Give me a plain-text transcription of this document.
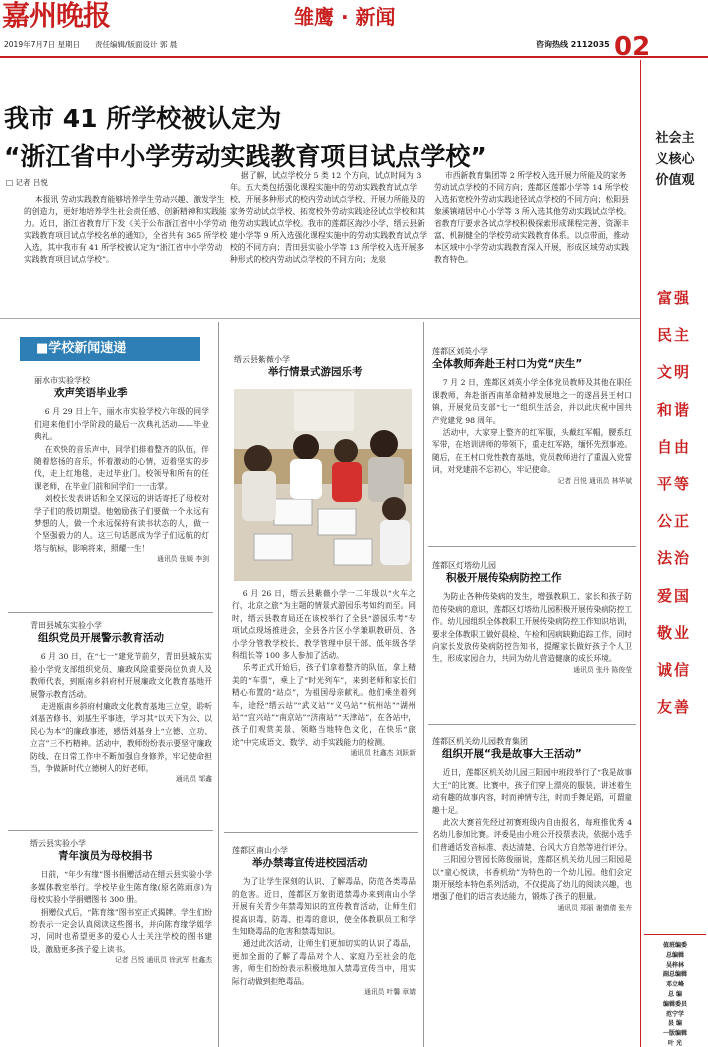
嘉州晚报	雏鹰 · 新闻
2019年7月7日 星期日　　 责任编辑/版面设计 郭 晨	咨询热线 2112035 02
社会主义核心价值观
富强
民主
文明
和谐
自由
平等
公正
法治
爱国
敬业
诚信
友善
值班编委
总编辑
吴梓林
副总编辑
邓立峰
总 编
编辑委员
范宁学
县 编
一版编辑
叶 光
我市 41 所学校被认定为
“浙江省中小学劳动实践教育项目试点学校”
□ 记者 吕悦
本报讯 劳动实践教育能够培养学生劳动兴趣、激发学生的创造力，更好地培养学生社会责任感、创新精神和实践能力。近日，浙江省教育厅下发《关于公布浙江省中小学劳动实践教育项目试点学校名单的通知》，全省共有 365 所学校入选，其中我市有 41 所学校被认定为“浙江省中小学劳动实践教育项目试点学校”。
据了解，试点学校分 5 类 12 个方向，试点时间为 3 年。五大类包括强化课程实施中的劳动实践教育试点学校、开展多种形式的校内劳动试点学校、开展力所能及的家务劳动试点学校、拓宽校外劳动实践途径试点学校和其他劳动实践试点学校。我市的莲都区海沙小学、缙云县新建小学等 9 所入选强化课程实施中的劳动实践教育试点学校的不同方向；青田县实验小学等 13 所学校入选开展多种形式的校内劳动试点学校的不同方向；龙泉
市西新教育集团等 2 所学校入选开展力所能及的家务劳动试点学校的不同方向；莲都区莲都小学等 14 所学校入选拓宽校外劳动实践途径试点学校的不同方向；松阳县象溪镇靖居中心小学等 3 所入选其他劳动实践试点学校。省教育厅要求各试点学校积极探索形成课程完善、资源丰富、机制健全的学校劳动实践教育体系。以点带面，推动本区域中小学劳动实践教育深入开展，形成区域劳动实践教育特色。
■学校新闻速递
丽水市实验学校
欢声笑语毕业季
6 月 29 日上午，丽水市实验学校六年级的同学们迎来他们小学阶段的最后一次典礼活动——毕业典礼。
在欢快的音乐声中，同学们排着整齐的队伍，伴随着悠扬的音乐，怀着激动的心情，迈着坚实的步伐，走上红地毯，走过毕业门。校领导和所有的任课老师，在毕业门前和同学们一一击掌。
刘校长发表讲话和全叉深远的讲话寄托了母校对学子们的殷切期望。他勉励孩子们要做一个永远有梦想的人，做一个永远保持有读书状态的人，做一个坚强毅力的人。这三句话愿成为学子们远航的灯塔与航标，影响将来，照耀一生！
通讯员 张媛 李剑
青田县城东实验小学
组织党员开展警示教育活动
6 月 30 日，在“七一”建党节前夕，青田县城东实验小学党支部组织党员、廉政风险重要岗位负责人及教师代表，到瓯南乡斜府村开展廉政文化教育基地开展警示教育活动。
走进瓯南乡斜府村廉政文化教育基地三立堂，聆听刘基苦修书、刘基生平事迹，学习其“以天下为公、以民心为本”的廉政事迹，感悟刘基身上“立德、立功、立言”三不朽精神。活动中，教师纷纷表示要坚守廉政防线、在日常工作中不断加强自身修养，牢记使命担当，争做新时代立德树人的好老师。
通讯员 邹鑫
缙云县实验小学
青年演员为母校捐书
日前，“年少有缘”图书捐赠活动在缙云县实验小学多媒体教室举行。学校毕业生陈育缘(原名陈雨彦)为母校实验小学捐赠图书 300 册。
捐赠仪式后，“陈育缘”图书室正式揭牌。学生们纷纷表示一定会认真阅读这些图书，并向陈育缘学姐学习，同时也希望更多的爱心人士关注学校的图书建设，激励更多孩子爱上读书。
记者 吕悦 通讯员 徐武军 杜鑫杰
缙云县紫薇小学
举行情景式游园乐考
6 月 26 日，缙云县紫薇小学一二年级以“火车之行，北京之旅”为主题的情景式游园乐考如约而至。同时，缙云县教育局还在该校举行了全县“游园乐考”专项试点现场推进会，全县各片区小学兼职教研员、各小学分管教学校长、教学管理中层干部、低年级各学科组长等 100 多人参加了活动。
乐考正式开始后，孩子们拿着整齐的队伍，拿上精美的“车票”，乘上了“时光列车”，来到老师和家长们精心布置的“站点”，为祖国母亲献礼。他们乘坐着列车，途经“缙云站”“武义站”“义乌站”“杭州站”“湖州站”“宜兴站”“南京站”“济南站”“天津站”，在各站中，孩子们观赏美景、领略当地特色文化，在快乐“旅途”中完成语文、数学、动手实践能力的检测。
通讯员 杜鑫杰 刘跃新
莲都区南山小学
举办禁毒宣传进校园活动
为了让学生深刻的认识、了解毒品，防范各类毒品的危害。近日，莲都区万象街道禁毒办来到南山小学开展有关青少年禁毒知识的宣传教育活动，让师生们提高识毒、防毒、拒毒的意识，使全体教职员工和学生知晓毒品的危害和禁毒知识。
通过此次活动，让师生们更加切实的认识了毒品，更加全面的了解了毒品对个人、家庭乃至社会的危害，师生们纷纷表示积极地加入禁毒宣传当中，用实际行动做到拒绝毒品。
通讯员 叶馨 章婧
莲都区刘英小学
全体教师奔赴王村口为党“庆生”
7 月 2 日，莲都区刘英小学全体党员教师及其他在职任课教师，奔赴浙西南革命精神发展地之一的遂昌县王村口镇，开展党员支部“七一”组织生活会，并以此庆祝中国共产党建党 98 周年。
活动中，大家穿上整齐的红军服，头戴红军帽，腰系红军带，在培训讲师的带领下，重走红军路，缅怀先烈事迹。随后，在王村口党性教育基地，党员教师进行了重温入党誓词，对党建前不忘初心，牢记使命。
记者 吕悦 通讯员 林华斌
莲都区灯塔幼儿园
积极开展传染病防控工作
为防止各种传染病的发生，增强教职工、家长和孩子防范传染病的意识，莲都区灯塔幼儿园积极开展传染病防控工作。幼儿园组织全体教职工开展传染病防控工作知识培训，要求全体教职工做好晨检、午检和因病缺勤追踪工作，同时向家长发放传染病防控告知书，提醒家长做好孩子个人卫生，形成家园合力，共同为幼儿营造健康的成长环境。
通讯员 张丹 陈俊莹
莲都区机关幼儿园教育集团
组织开展“我是故事大王活动”
近日，莲都区机关幼儿园三阳园中班段举行了“我是故事大王”的比赛。比赛中，孩子们穿上漂亮的服装，讲述着生动有趣的故事内容，时而神情专注，时而手舞足蹈，可谓童趣十足。
此次大赛首先经过初赛班级内自由报名，每班推优秀 4 名幼儿参加比赛。评委是由小班公开投票表决，依据小选手们普通话发音标准、表达清楚、台风大方自然等进行评分。
三阳园分管园长陈俊丽说，莲都区机关幼儿园三阳园是以“童心悦读，书香机幼”为特色的一个幼儿园。他们会定期开展绘本特色系列活动，不仅提高了幼儿的阅读兴趣，也增强了他们的语言表达能力，锻炼了孩子的胆量。
通讯员 郑丽 谢倩倩 张卉
